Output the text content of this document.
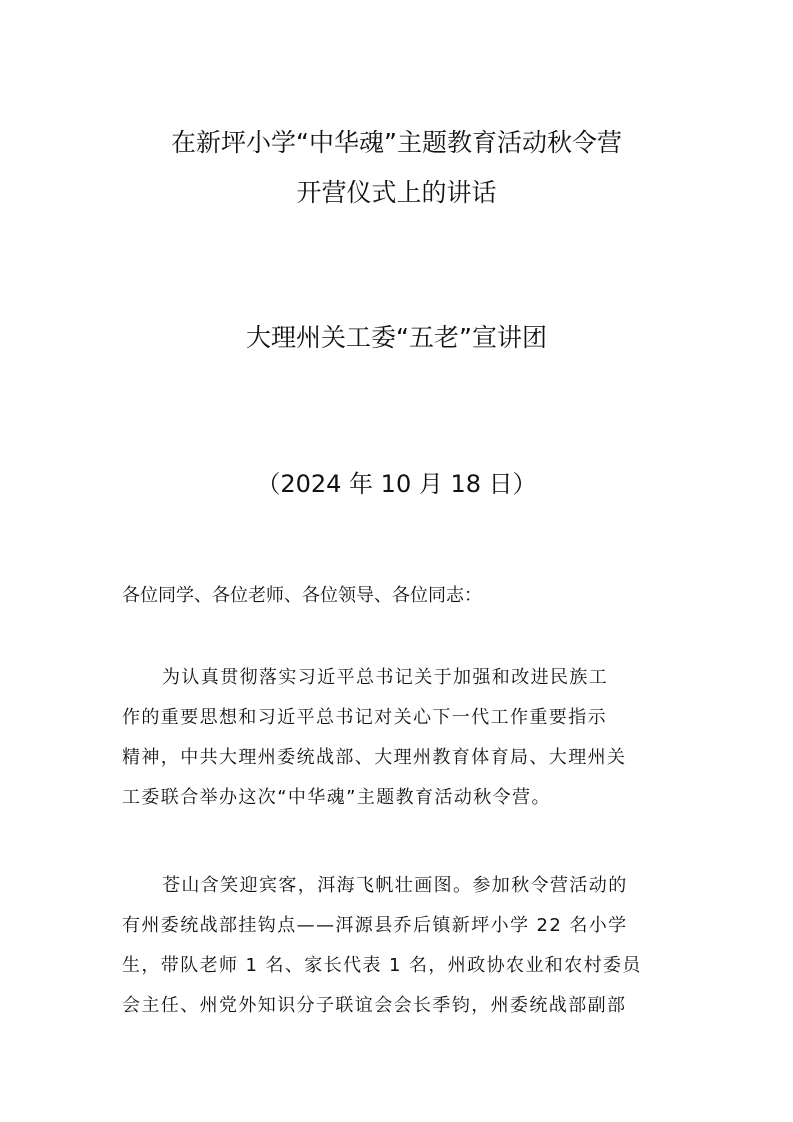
在新坪小学“中华魂”主题教育活动秋令营
开营仪式上的讲话
大理州关工委“五老”宣讲团
（2024 年 10 月 18 日）
各位同学、各位老师、各位领导、各位同志：
为认真贯彻落实习近平总书记关于加强和改进民族工
作的重要思想和习近平总书记对关心下一代工作重要指示
精神，中共大理州委统战部、大理州教育体育局、大理州关
工委联合举办这次“中华魂”主题教育活动秋令营。
苍山含笑迎宾客，洱海飞帆壮画图。参加秋令营活动的
有州委统战部挂钩点——洱源县乔后镇新坪小学 22 名小学
生，带队老师 1 名、家长代表 1 名，州政协农业和农村委员
会主任、州党外知识分子联谊会会长季钧，州委统战部副部
